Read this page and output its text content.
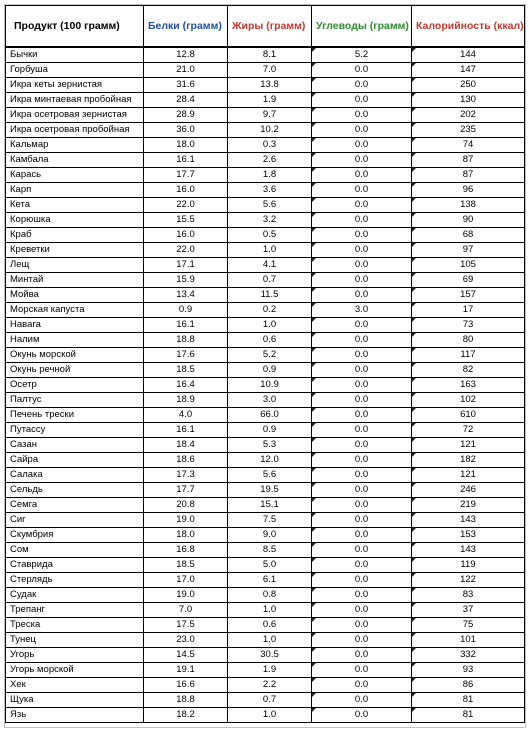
Продукт (100 грамм)	Белки (грамм)	Жиры (грамм)	Углеводы (грамм)	Калорийность (ккал)
Бычки	12.8	8.1	5.2	144
Горбуша	21.0	7.0	0.0	147
Икра кеты зернистая	31.6	13.8	0.0	250
Икра минтаевая пробойная	28.4	1.9	0.0	130
Икра осетровая зернистая	28.9	9.7	0.0	202
Икра осетровая пробойная	36.0	10.2	0.0	235
Кальмар	18.0	0.3	0.0	74
Камбала	16.1	2.6	0.0	87
Карась	17.7	1.8	0.0	87
Карп	16.0	3.6	0.0	96
Кета	22.0	5.6	0.0	138
Корюшка	15.5	3.2	0.0	90
Краб	16.0	0.5	0.0	68
Креветки	22.0	1.0	0.0	97
Лещ	17.1	4.1	0.0	105
Минтай	15.9	0.7	0.0	69
Мойва	13.4	11.5	0.0	157
Морская капуста	0.9	0.2	3.0	17
Навага	16.1	1.0	0.0	73
Налим	18.8	0.6	0.0	80
Окунь морской	17.6	5.2	0.0	117
Окунь речной	18.5	0.9	0.0	82
Осетр	16.4	10.9	0.0	163
Палтус	18.9	3.0	0.0	102
Печень трески	4.0	66.0	0.0	610
Путассу	16.1	0.9	0.0	72
Сазан	18.4	5.3	0.0	121
Сайра	18.6	12.0	0.0	182
Салака	17.3	5.6	0.0	121
Сельдь	17.7	19.5	0.0	246
Семга	20.8	15.1	0.0	219
Сиг	19.0	7.5	0.0	143
Скумбрия	18.0	9.0	0.0	153
Сом	16.8	8.5	0.0	143
Ставрида	18.5	5.0	0.0	119
Стерлядь	17.0	6.1	0.0	122
Судак	19.0	0.8	0.0	83
Трепанг	7.0	1.0	0.0	37
Треска	17.5	0.6	0.0	75
Тунец	23.0	1.0	0.0	101
Угорь	14.5	30.5	0.0	332
Угорь морской	19.1	1.9	0.0	93
Хек	16.6	2.2	0.0	86
Щука	18.8	0.7	0.0	81
Язь	18.2	1.0	0.0	81
